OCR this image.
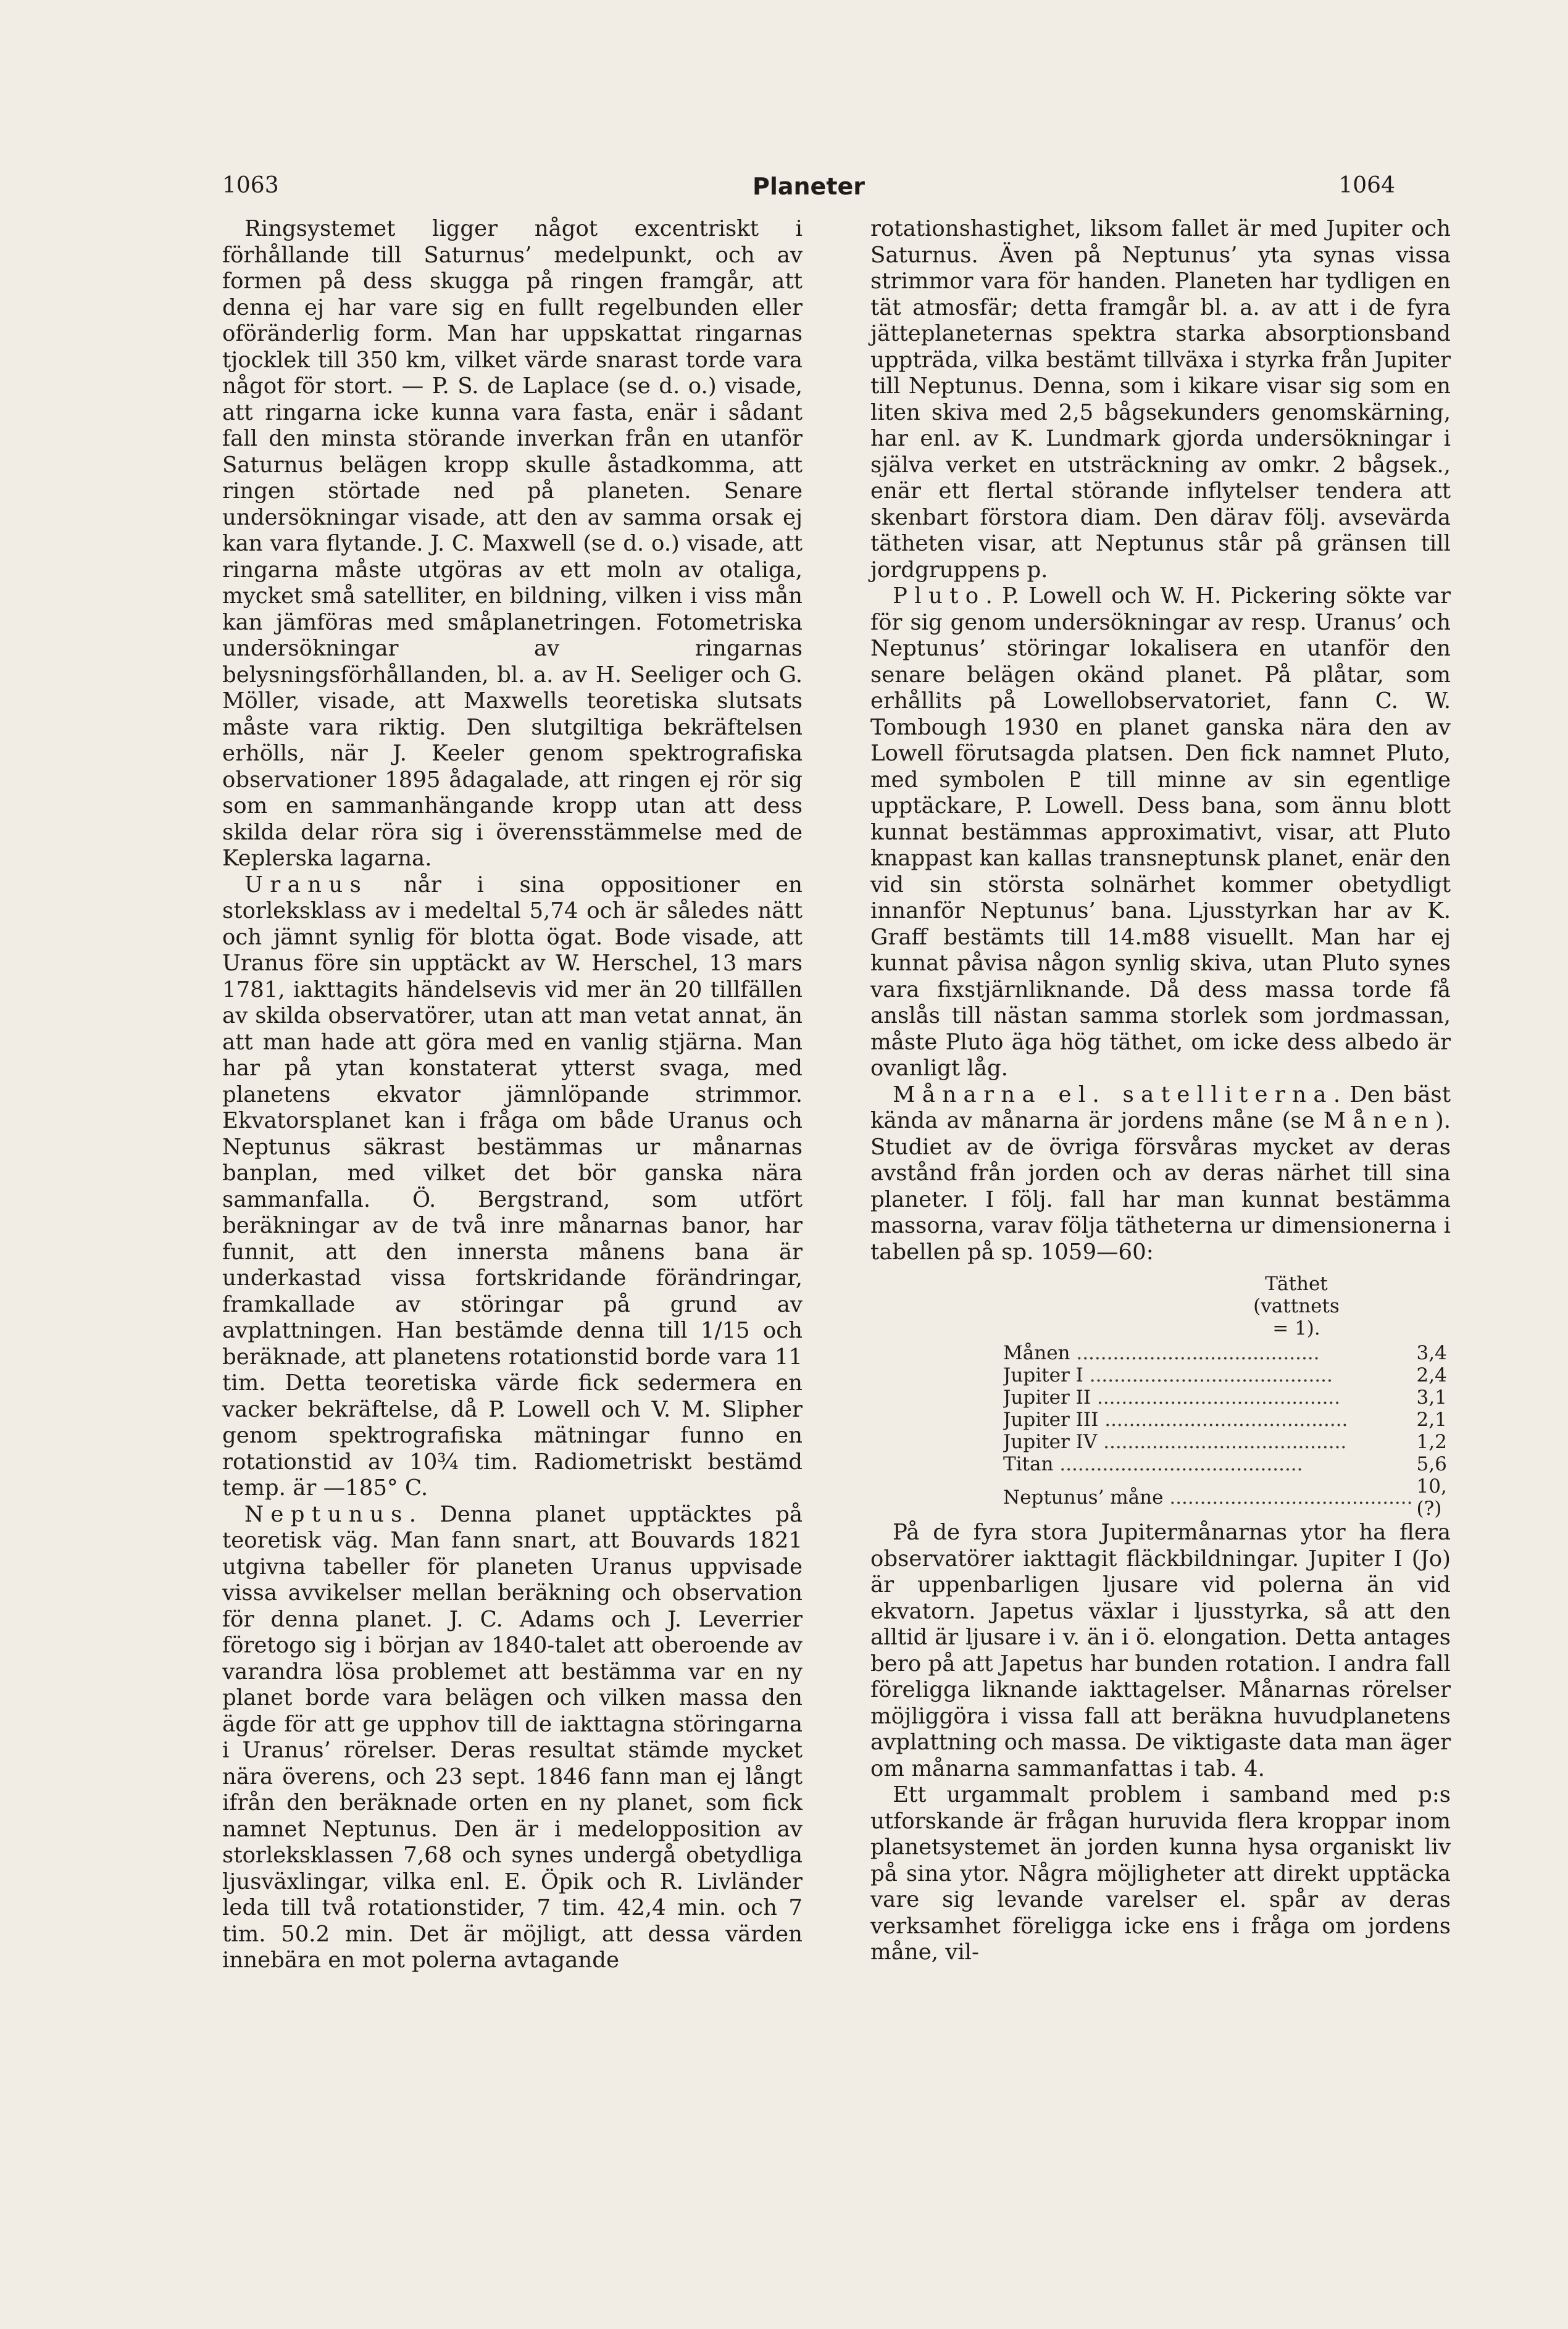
1063	Planeter	1064

Ringsystemet ligger något excentriskt i förhållande till Saturnus’ medelpunkt, och av formen på dess skugga på ringen framgår, att denna ej har vare sig en fullt regelbunden eller oföränderlig form. Man har uppskattat ringarnas tjocklek till 350 km, vilket värde snarast torde vara något för stort. — P. S. de Laplace (se d. o.) visade, att ringarna icke kunna vara fasta, enär i sådant fall den minsta störande inverkan från en utanför Saturnus belägen kropp skulle åstadkomma, att ringen störtade ned på planeten. Senare undersökningar visade, att den av samma orsak ej kan vara flytande. J. C. Maxwell (se d. o.) visade, att ringarna måste utgöras av ett moln av otaliga, mycket små satelliter, en bildning, vilken i viss mån kan jämföras med småplanetringen. Fotometriska undersökningar av ringarnas belysningsförhållanden, bl. a. av H. Seeliger och G. Möller, visade, att Maxwells teoretiska slutsats måste vara riktig. Den slutgiltiga bekräftelsen erhölls, när J. Keeler genom spektrografiska observationer 1895 ådagalade, att ringen ej rör sig som en sammanhängande kropp utan att dess skilda delar röra sig i överensstämmelse med de Keplerska lagarna.

Uranus når i sina oppositioner en storleksklass av i medeltal 5,74 och är således nätt och jämnt synlig för blotta ögat. Bode visade, att Uranus före sin upptäckt av W. Herschel, 13 mars 1781, iakttagits händelsevis vid mer än 20 tillfällen av skilda observatörer, utan att man vetat annat, än att man hade att göra med en vanlig stjärna. Man har på ytan konstaterat ytterst svaga, med planetens ekvator jämnlöpande strimmor. Ekvatorsplanet kan i fråga om både Uranus och Neptunus säkrast bestämmas ur månarnas banplan, med vilket det bör ganska nära sammanfalla. Ö. Bergstrand, som utfört beräkningar av de två inre månarnas banor, har funnit, att den innersta månens bana är underkastad vissa fortskridande förändringar, framkallade av störingar på grund av avplattningen. Han bestämde denna till 1/15 och beräknade, att planetens rotationstid borde vara 11 tim. Detta teoretiska värde fick sedermera en vacker bekräftelse, då P. Lowell och V. M. Slipher genom spektrografiska mätningar funno en rotationstid av 10¾ tim. Radiometriskt bestämd temp. är —185° C.

Neptunus. Denna planet upptäcktes på teoretisk väg. Man fann snart, att Bouvards 1821 utgivna tabeller för planeten Uranus uppvisade vissa avvikelser mellan beräkning och observation för denna planet. J. C. Adams och J. Leverrier företogo sig i början av 1840-talet att oberoende av varandra lösa problemet att bestämma var en ny planet borde vara belägen och vilken massa den ägde för att ge upphov till de iakttagna störingarna i Uranus’ rörelser. Deras resultat stämde mycket nära överens, och 23 sept. 1846 fann man ej långt ifrån den beräknade orten en ny planet, som fick namnet Neptunus. Den är i medelopposition av storleksklassen 7,68 och synes undergå obetydliga ljusväxlingar, vilka enl. E. Öpik och R. Livländer leda till två rotationstider, 7 tim. 42,4 min. och 7 tim. 50.2 min. Det är möjligt, att dessa värden innebära en mot polerna avtagande

rotationshastighet, liksom fallet är med Jupiter och Saturnus. Även på Neptunus’ yta synas vissa strimmor vara för handen. Planeten har tydligen en tät atmosfär; detta framgår bl. a. av att i de fyra jätteplaneternas spektra starka absorptionsband uppträda, vilka bestämt tillväxa i styrka från Jupiter till Neptunus. Denna, som i kikare visar sig som en liten skiva med 2,5 bågsekunders genomskärning, har enl. av K. Lundmark gjorda undersökningar i själva verket en utsträckning av omkr. 2 bågsek., enär ett flertal störande inflytelser tendera att skenbart förstora diam. Den därav följ. avsevärda tätheten visar, att Neptunus står på gränsen till jordgruppens p.

Pluto. P. Lowell och W. H. Pickering sökte var för sig genom undersökningar av resp. Uranus’ och Neptunus’ störingar lokalisera en utanför den senare belägen okänd planet. På plåtar, som erhållits på Lowellobservatoriet, fann C. W. Tombough 1930 en planet ganska nära den av Lowell förutsagda platsen. Den fick namnet Pluto, med symbolen ♇ till minne av sin egentlige upptäckare, P. Lowell. Dess bana, som ännu blott kunnat bestämmas approximativt, visar, att Pluto knappast kan kallas transneptunsk planet, enär den vid sin största solnärhet kommer obetydligt innanför Neptunus’ bana. Ljusstyrkan har av K. Graff bestämts till 14.m88 visuellt. Man har ej kunnat påvisa någon synlig skiva, utan Pluto synes vara fixstjärnliknande. Då dess massa torde få anslås till nästan samma storlek som jordmassan, måste Pluto äga hög täthet, om icke dess albedo är ovanligt låg.

Månarna el. satelliterna. Den bäst kända av månarna är jordens måne (se Månen). Studiet av de övriga försvåras mycket av deras avstånd från jorden och av deras närhet till sina planeter. I följ. fall har man kunnat bestämma massorna, varav följa tätheterna ur dimensionerna i tabellen på sp. 1059—60:

Täthet
(vattnets
= 1).
Månen ........................................	3,4
Jupiter I ........................................	2,4
Jupiter II ........................................	3,1
Jupiter III ........................................	2,1
Jupiter IV ........................................	1,2
Titan ........................................	5,6
Neptunus’ måne ........................................	10, (?)

På de fyra stora Jupitermånarnas ytor ha flera observatörer iakttagit fläckbildningar. Jupiter I (Jo) är uppenbarligen ljusare vid polerna än vid ekvatorn. Japetus växlar i ljusstyrka, så att den alltid är ljusare i v. än i ö. elongation. Detta antages bero på att Japetus har bunden rotation. I andra fall föreligga liknande iakttagelser. Månarnas rörelser möjliggöra i vissa fall att beräkna huvudplanetens avplattning och massa. De viktigaste data man äger om månarna sammanfattas i tab. 4.

Ett urgammalt problem i samband med p:s utforskande är frågan huruvida flera kroppar inom planetsystemet än jorden kunna hysa organiskt liv på sina ytor. Några möjligheter att direkt upptäcka vare sig levande varelser el. spår av deras verksamhet föreligga icke ens i fråga om jordens måne, vil-
